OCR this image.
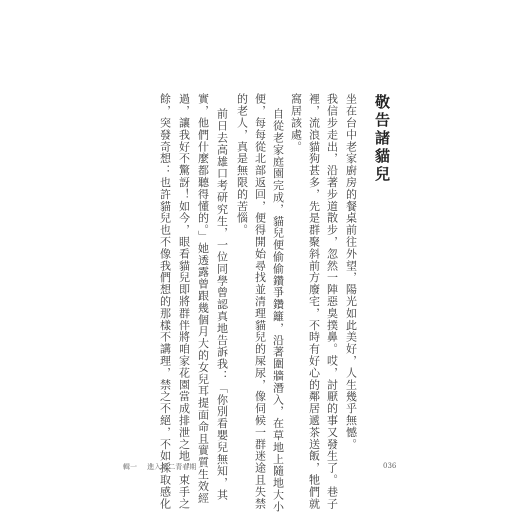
敬告諸貓兒
坐在台中老家廚房的餐桌前往外望，陽光如此美好，人生幾乎無憾。
我信步走出，沿著步道散步，忽然一陣惡臭撲鼻。哎，討厭的事又發生了。巷子
裡，流浪貓狗甚多，先是群聚斜前方廢宅，不時有好心的鄰居遞茶送飯，牠們就
窩居該處。
自從老家庭園完成，貓兒便偷偷鑽爭鑽籬，沿著圍牆潛入，在草地上隨地大小
便，每每從北部返回，便得開始尋找並清理貓兒的屎尿，像伺候一群迷途且失禁
的老人，真是無限的苦惱。
前日去高雄口考研究生，一位同學曾認真地告訴我：「你別看嬰兒無知，其
實，他們什麼都聽得懂的。」她透露曾跟幾個月大的女兒耳提面命且實質生效經
過，讓我好不驚訝！如今，眼看貓兒即將群伴將咱家花園當成排泄之地，束手之
餘，突發奇想：也許貓兒也不像我們想的那樣不講理，禁之不絕，不如採取感化
輯一 進入第二青春期	036
